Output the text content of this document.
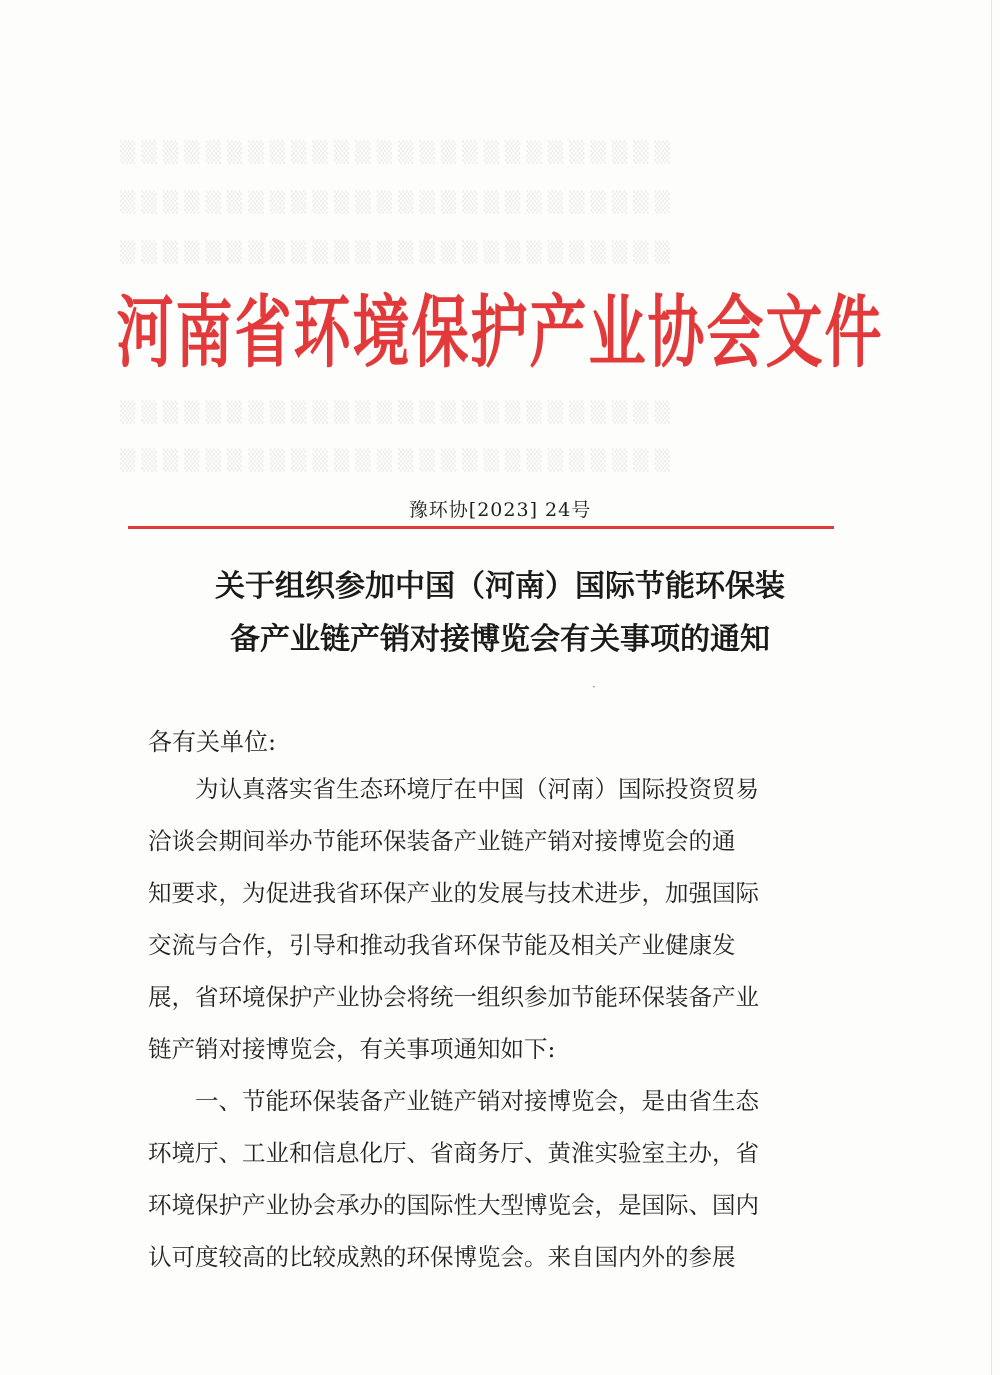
▒▒▒▒▒▒▒▒▒▒▒▒▒▒▒▒▒▒▒▒▒▒▒▒▒▒
▒▒▒▒▒▒▒▒▒▒▒▒▒▒▒▒▒▒▒▒▒▒▒▒▒▒
▒▒▒▒▒▒▒▒▒▒▒▒▒▒▒▒▒▒▒▒▒▒▒▒▒▒
▒▒▒▒▒▒▒▒▒▒▒▒▒▒▒▒▒▒▒▒▒▒▒▒▒▒
▒▒▒▒▒▒▒▒▒▒▒▒▒▒▒▒▒▒▒▒▒▒▒▒▒▒
河南省环境保护产业协会文件
豫环协[2023] 24号
关于组织参加中国（河南）国际节能环保装
备产业链产销对接博览会有关事项的通知
·
各有关单位:
　　为认真落实省生态环境厅在中国（河南）国际投资贸易
洽谈会期间举办节能环保装备产业链产销对接博览会的通
知要求，为促进我省环保产业的发展与技术进步，加强国际
交流与合作，引导和推动我省环保节能及相关产业健康发
展，省环境保护产业协会将统一组织参加节能环保装备产业
链产销对接博览会，有关事项通知如下:
　　一、节能环保装备产业链产销对接博览会，是由省生态
环境厅、工业和信息化厅、省商务厅、黄淮实验室主办，省
环境保护产业协会承办的国际性大型博览会，是国际、国内
认可度较高的比较成熟的环保博览会。来自国内外的参展
